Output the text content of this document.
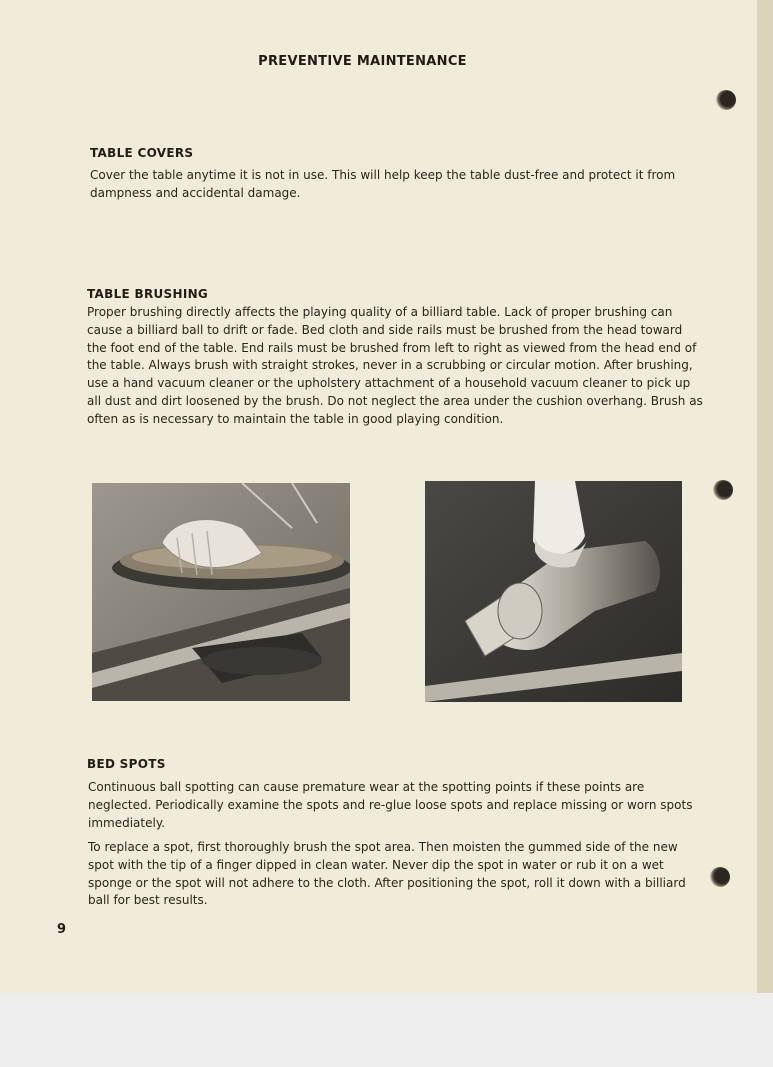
PREVENTIVE MAINTENANCE
TABLE COVERS
Cover the table anytime it is not in use. This will help keep the table dust-free and protect it from dampness and accidental damage.
TABLE BRUSHING
Proper brushing directly affects the playing quality of a billiard table. Lack of proper brushing can cause a billiard ball to drift or fade. Bed cloth and side rails must be brushed from the head toward the foot end of the table. End rails must be brushed from left to right as viewed from the head end of the table. Always brush with straight strokes, never in a scrubbing or circular motion. After brushing, use a hand vacuum cleaner or the upholstery attachment of a household vacuum cleaner to pick up all dust and dirt loosened by the brush. Do not neglect the area under the cushion overhang. Brush as often as is necessary to maintain the table in good playing condition.
BED SPOTS
Continuous ball spotting can cause premature wear at the spotting points if these points are neglected. Periodically examine the spots and re-glue loose spots and replace missing or worn spots immediately.
To replace a spot, first thoroughly brush the spot area. Then moisten the gummed side of the new spot with the tip of a finger dipped in clean water. Never dip the spot in water or rub it on a wet sponge or the spot will not adhere to the cloth. After positioning the spot, roll it down with a billiard ball for best results.
9
